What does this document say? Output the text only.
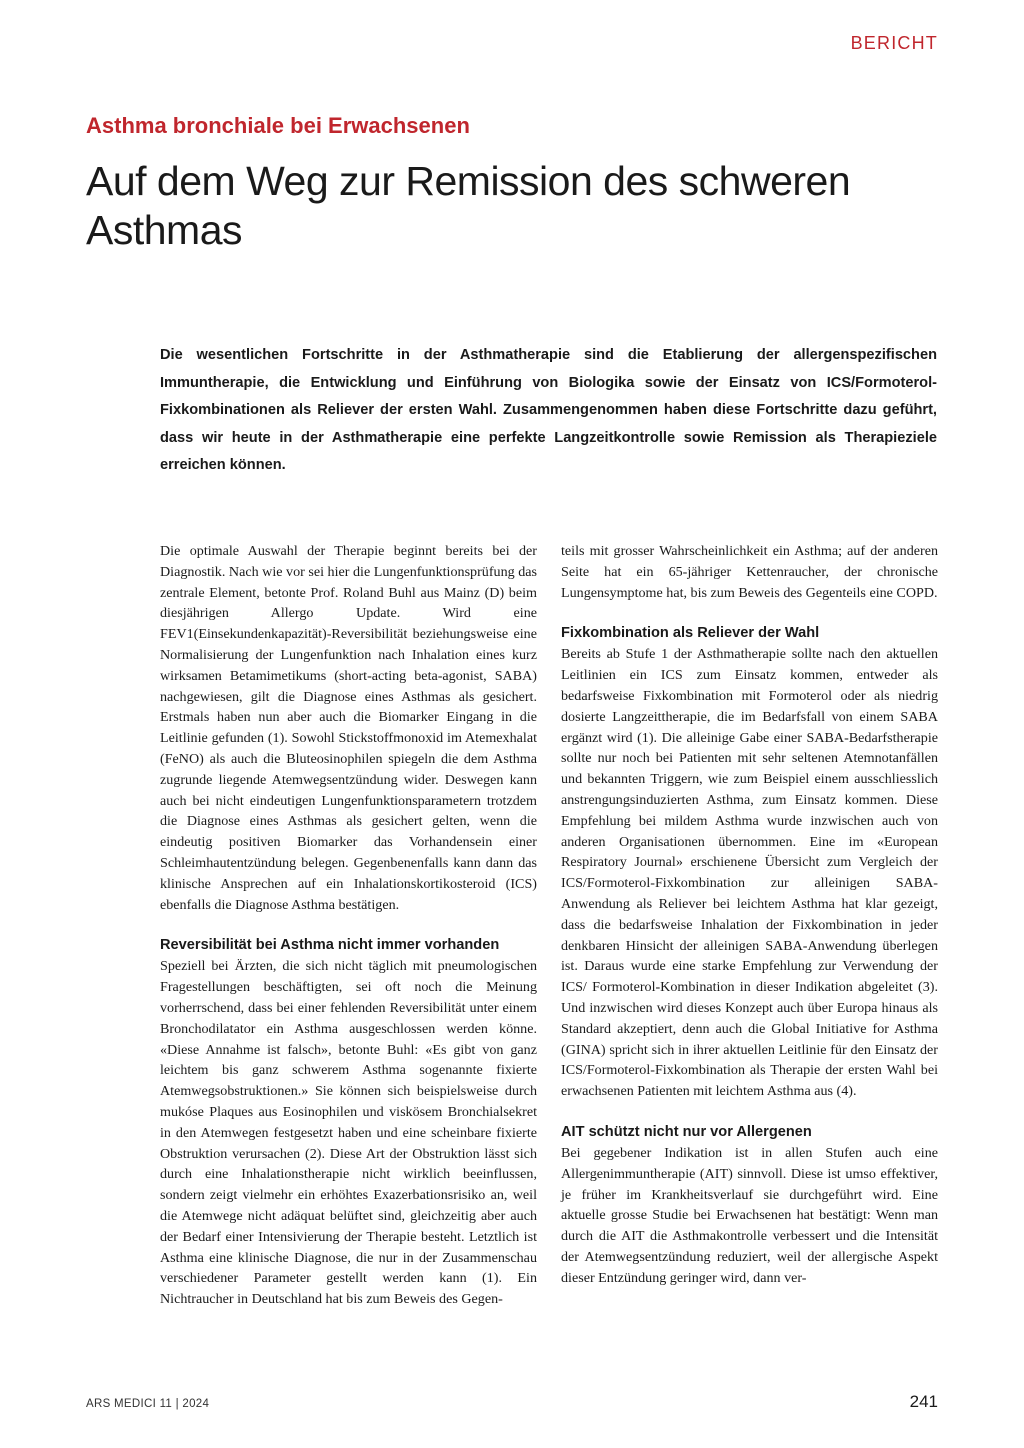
BERICHT
Asthma bronchiale bei Erwachsenen
Auf dem Weg zur Remission des schweren Asthmas

Die wesentlichen Fortschritte in der Asthmatherapie sind die Etablierung der allergenspezifischen Immuntherapie, die Entwicklung und Einführung von Biologika sowie der Einsatz von ICS/Formoterol-Fixkombinationen als Reliever der ersten Wahl. Zusammengenommen haben diese Fortschritte dazu geführt, dass wir heute in der Asthmatherapie eine perfekte Langzeitkontrolle sowie Remission als Therapieziele erreichen können.

Die optimale Auswahl der Therapie beginnt bereits bei der Diagnostik. Nach wie vor sei hier die Lungenfunktionsprüfung das zentrale Element, betonte Prof. Roland Buhl aus Mainz (D) beim diesjährigen Allergo Update. Wird eine FEV1(Einsekundenkapazität)-Reversibilität beziehungsweise eine Normalisierung der Lungenfunktion nach Inhalation eines kurz wirksamen Betamimetikums (short-acting beta-agonist, SABA) nachgewiesen, gilt die Diagnose eines Asthmas als gesichert. Erstmals haben nun aber auch die Biomarker Eingang in die Leitlinie gefunden (1). Sowohl Stickstoffmonoxid im Atemexhalat (FeNO) als auch die Bluteosinophilen spiegeln die dem Asthma zugrunde liegende Atemwegsentzündung wider. Deswegen kann auch bei nicht eindeutigen Lungenfunktionsparametern trotzdem die Diagnose eines Asthmas als gesichert gelten, wenn die eindeutig positiven Biomarker das Vorhandensein einer Schleimhautentzündung belegen. Gegenbenenfalls kann dann das klinische Ansprechen auf ein Inhalationskortikosteroid (ICS) ebenfalls die Diagnose Asthma bestätigen.

Reversibilität bei Asthma nicht immer vorhanden

Speziell bei Ärzten, die sich nicht täglich mit pneumologischen Fragestellungen beschäftigten, sei oft noch die Meinung vorherrschend, dass bei einer fehlenden Reversibilität unter einem Bronchodilatator ein Asthma ausgeschlossen werden könne. «Diese Annahme ist falsch», betonte Buhl: «Es gibt von ganz leichtem bis ganz schwerem Asthma sogenannte fixierte Atemwegsobstruktionen.» Sie können sich beispielsweise durch mukóse Plaques aus Eosinophilen und viskösem Bronchialsekret in den Atemwegen festgesetzt haben und eine scheinbare fixierte Obstruktion verursachen (2). Diese Art der Obstruktion lässt sich durch eine Inhalationstherapie nicht wirklich beeinflussen, sondern zeigt vielmehr ein erhöhtes Exazerbationsrisiko an, weil die Atemwege nicht adäquat belüftet sind, gleichzeitig aber auch der Bedarf einer Intensivierung der Therapie besteht. Letztlich ist Asthma eine klinische Diagnose, die nur in der Zusammenschau verschiedener Parameter gestellt werden kann (1). Ein Nichtraucher in Deutschland hat bis zum Beweis des Gegen-

teils mit grosser Wahrscheinlichkeit ein Asthma; auf der anderen Seite hat ein 65-jähriger Kettenraucher, der chronische Lungensymptome hat, bis zum Beweis des Gegenteils eine COPD.

Fixkombination als Reliever der Wahl

Bereits ab Stufe 1 der Asthmatherapie sollte nach den aktuellen Leitlinien ein ICS zum Einsatz kommen, entweder als bedarfsweise Fixkombination mit Formoterol oder als niedrig dosierte Langzeittherapie, die im Bedarfsfall von einem SABA ergänzt wird (1). Die alleinige Gabe einer SABA-Bedarfstherapie sollte nur noch bei Patienten mit sehr seltenen Atemnotanfällen und bekannten Triggern, wie zum Beispiel einem ausschliesslich anstrengungsinduzierten Asthma, zum Einsatz kommen. Diese Empfehlung bei mildem Asthma wurde inzwischen auch von anderen Organisationen übernommen. Eine im «European Respiratory Journal» erschienene Übersicht zum Vergleich der ICS/Formoterol-Fixkombination zur alleinigen SABA-Anwendung als Reliever bei leichtem Asthma hat klar gezeigt, dass die bedarfsweise Inhalation der Fixkombination in jeder denkbaren Hinsicht der alleinigen SABA-Anwendung überlegen ist. Daraus wurde eine starke Empfehlung zur Verwendung der ICS/ Formoterol-Kombination in dieser Indikation abgeleitet (3). Und inzwischen wird dieses Konzept auch über Europa hinaus als Standard akzeptiert, denn auch die Global Initiative for Asthma (GINA) spricht sich in ihrer aktuellen Leitlinie für den Einsatz der ICS/Formoterol-Fixkombination als Therapie der ersten Wahl bei erwachsenen Patienten mit leichtem Asthma aus (4).

AIT schützt nicht nur vor Allergenen

Bei gegebener Indikation ist in allen Stufen auch eine Allergenimmuntherapie (AIT) sinnvoll. Diese ist umso effektiver, je früher im Krankheitsverlauf sie durchgeführt wird. Eine aktuelle grosse Studie bei Erwachsenen hat bestätigt: Wenn man durch die AIT die Asthmakontrolle verbessert und die Intensität der Atemwegsentzündung reduziert, weil der allergische Aspekt dieser Entzündung geringer wird, dann ver-

ARS MEDICI 11 | 2024	241
